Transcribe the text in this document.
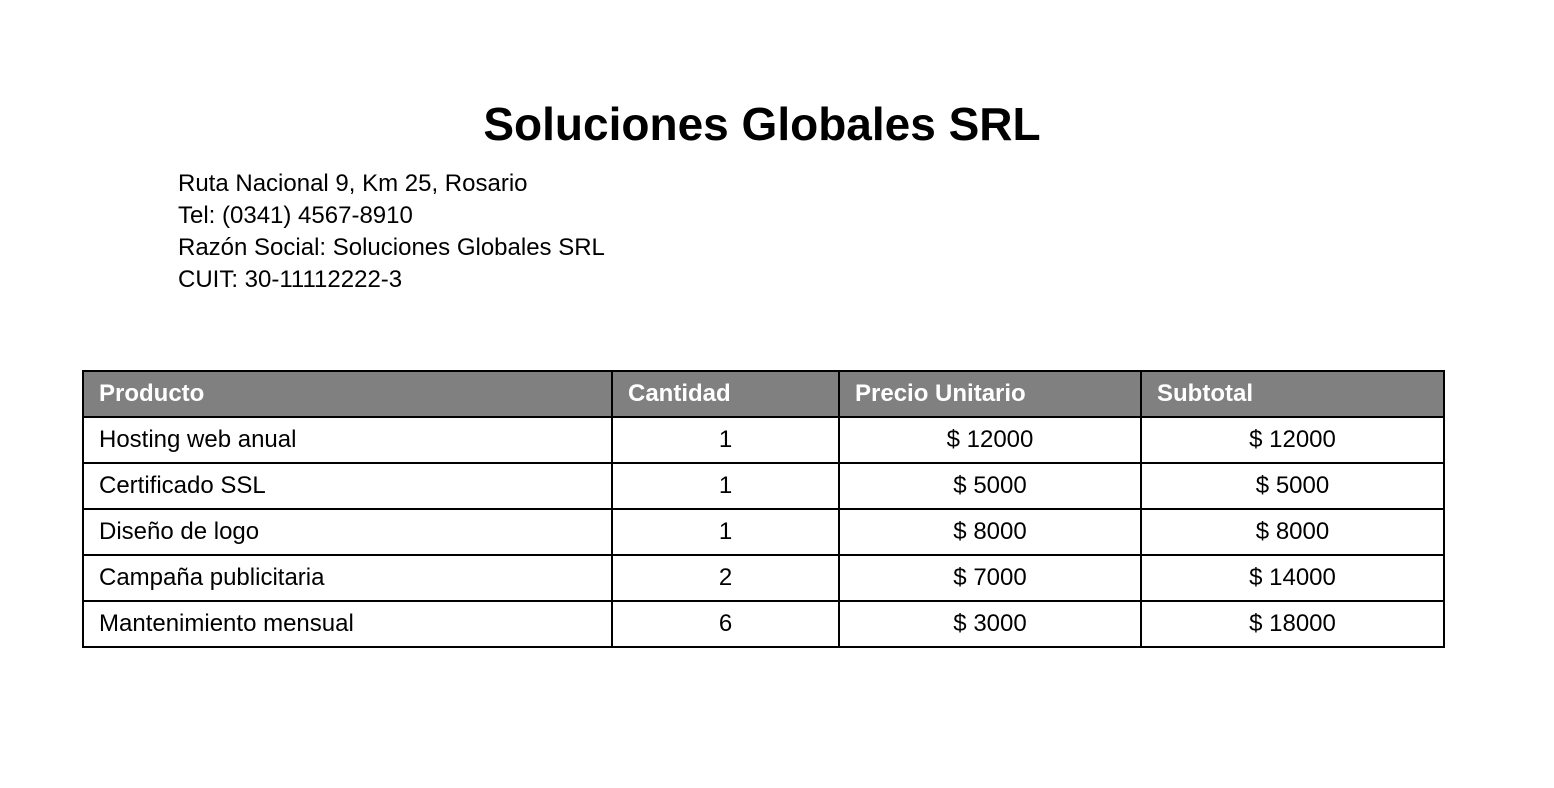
Soluciones Globales SRL
Ruta Nacional 9, Km 25, Rosario
Tel: (0341) 4567-8910
Razón Social: Soluciones Globales SRL
CUIT: 30-11112222-3
Producto	Cantidad	Precio Unitario	Subtotal
Hosting web anual	1	$ 12000	$ 12000
Certificado SSL	1	$ 5000	$ 5000
Diseño de logo	1	$ 8000	$ 8000
Campaña publicitaria	2	$ 7000	$ 14000
Mantenimiento mensual	6	$ 3000	$ 18000
